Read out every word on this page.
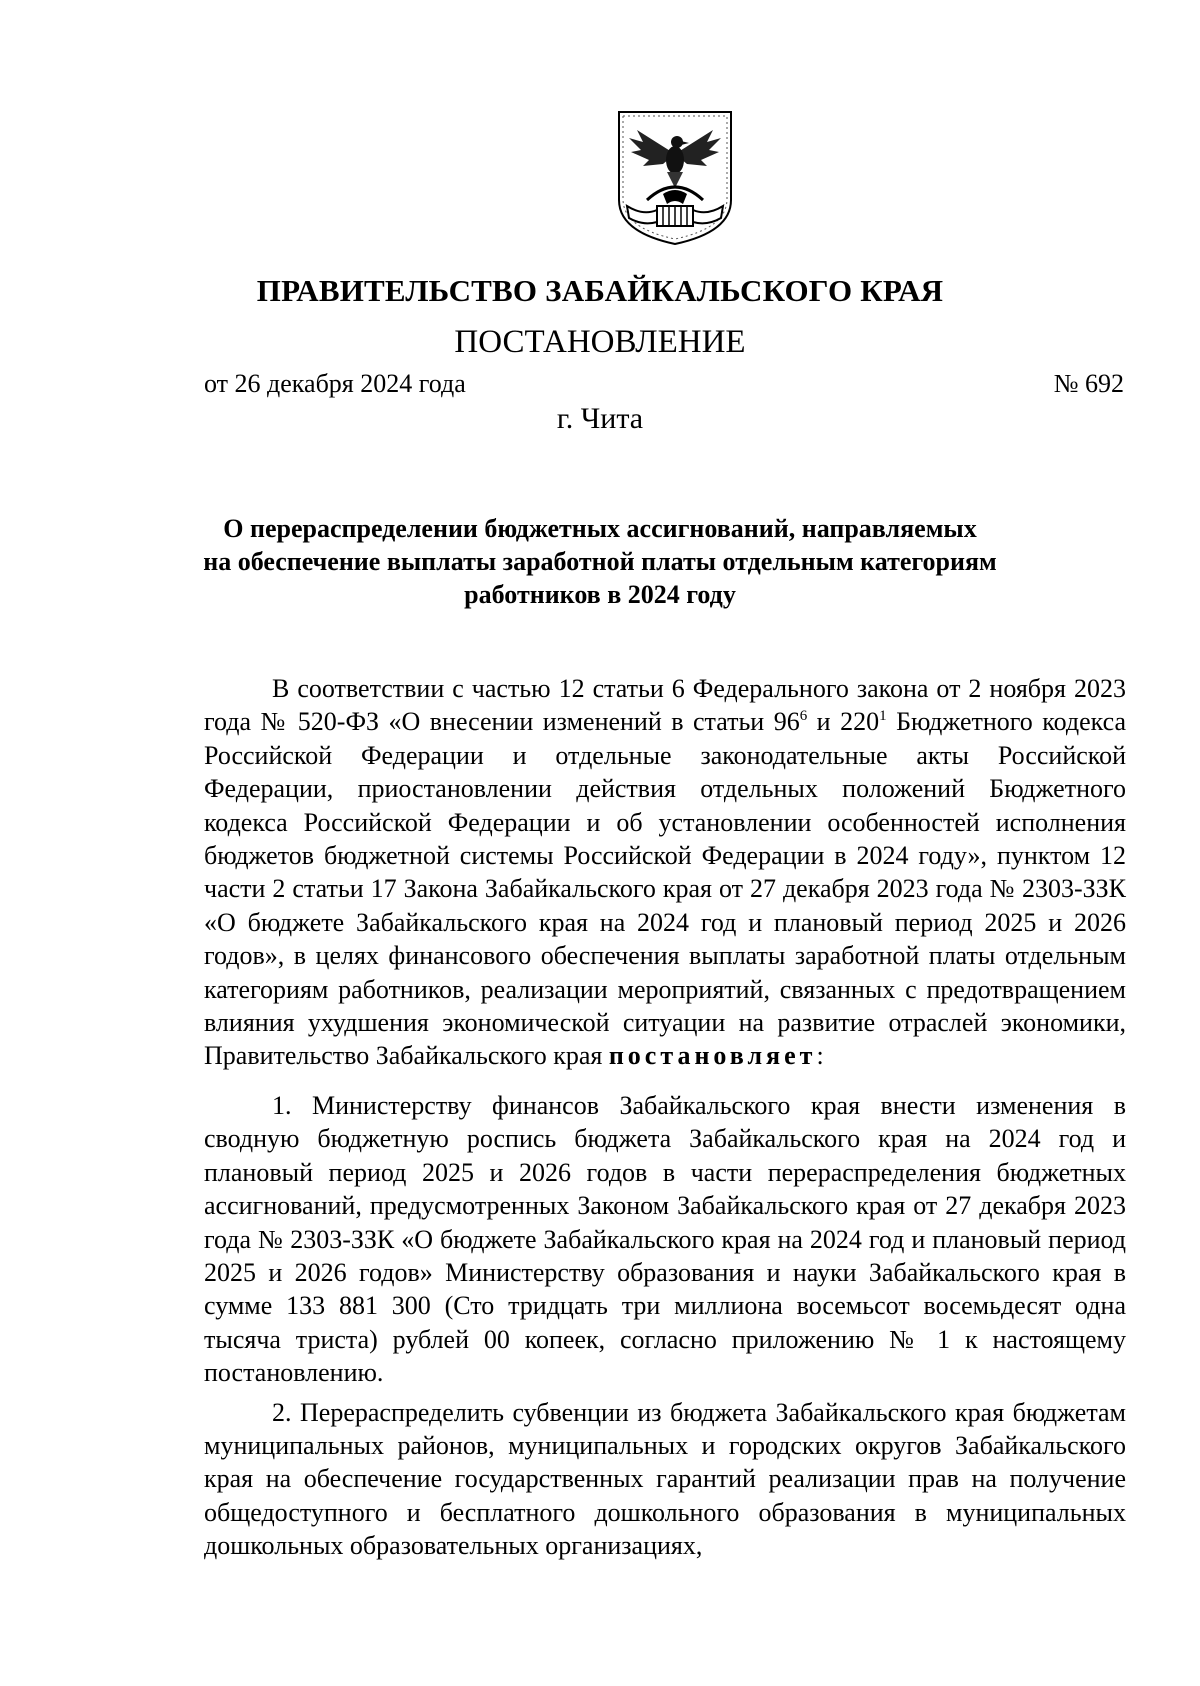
ПРАВИТЕЛЬСТВО ЗАБАЙКАЛЬСКОГО КРАЯ
ПОСТАНОВЛЕНИЕ
от 26 декабря 2024 года	№ 692
г. Чита
О перераспределении бюджетных ассигнований, направляемых
на обеспечение выплаты заработной платы отдельным категориям
работников в 2024 году

В соответствии с частью 12 статьи 6 Федерального закона от 2 ноября 2023 года № 520-ФЗ «О внесении изменений в статьи $96^6$ и $220^1$ Бюджетного кодекса Российской Федерации и отдельные законодательные акты Российской Федерации, приостановлении действия отдельных положений Бюджетного кодекса Российской Федерации и об установлении особенностей исполнения бюджетов бюджетной системы Российской Федерации в 2024 году», пунктом 12 части 2 статьи 17 Закона Забайкальского края от 27 декабря 2023 года № 2303-ЗЗК «О бюджете Забайкальского края на 2024 год и плановый период 2025 и 2026 годов», в целях финансового обеспечения выплаты заработной платы отдельным категориям работников, реализации мероприятий, связанных с предотвращением влияния ухудшения экономической ситуации на развитие отраслей экономики, Правительство Забайкальского края постановляет:

1. Министерству финансов Забайкальского края внести изменения в сводную бюджетную роспись бюджета Забайкальского края на 2024 год и плановый период 2025 и 2026 годов в части перераспределения бюджетных ассигнований, предусмотренных Законом Забайкальского края от 27 декабря 2023 года № 2303-ЗЗК «О бюджете Забайкальского края на 2024 год и плановый период 2025 и 2026 годов» Министерству образования и науки Забайкальского края в сумме 133 881 300 (Сто тридцать три миллиона восемьсот восемьдесят одна тысяча триста) рублей 00 копеек, согласно приложению № 1 к настоящему постановлению.

2. Перераспределить субвенции из бюджета Забайкальского края бюджетам муниципальных районов, муниципальных и городских округов Забайкальского края на обеспечение государственных гарантий реализации прав на получение общедоступного и бесплатного дошкольного образования в муниципальных дошкольных образовательных организациях,
